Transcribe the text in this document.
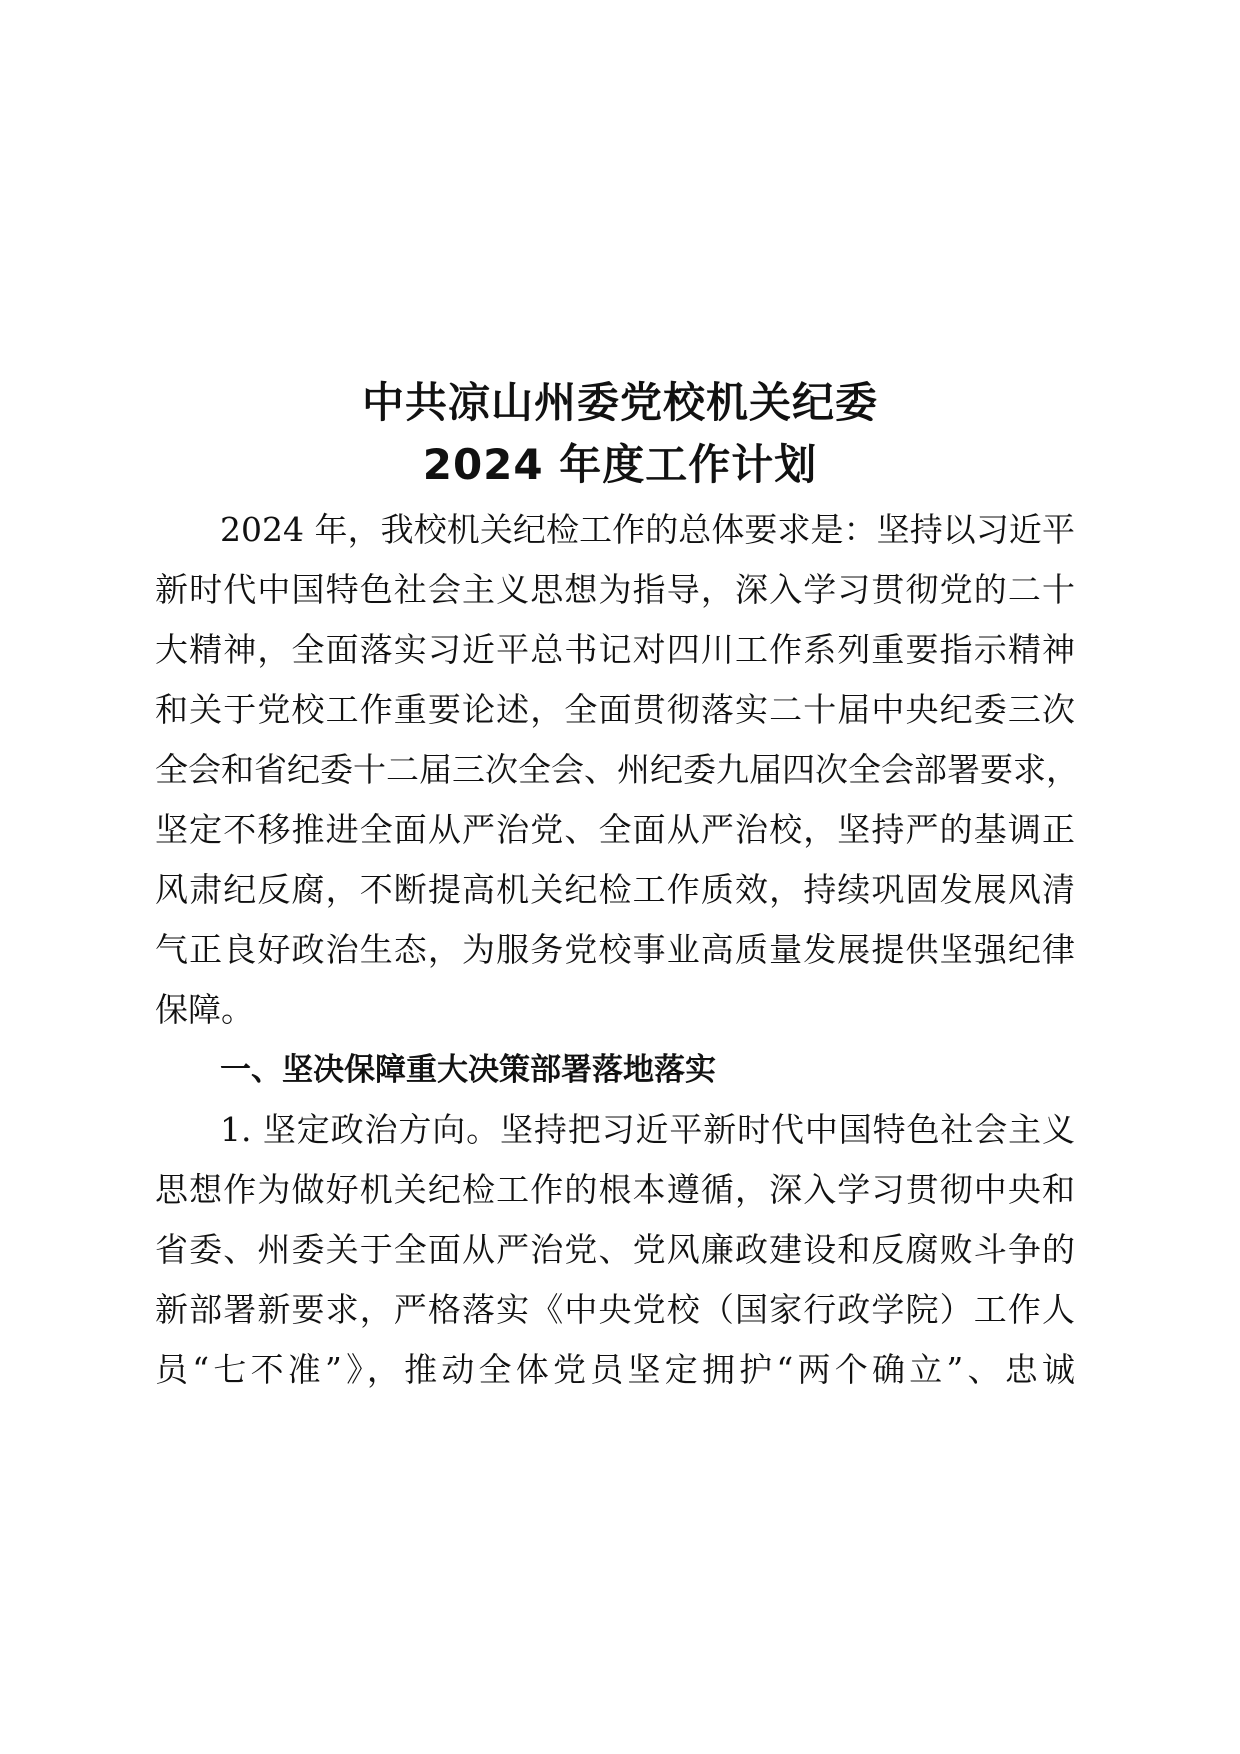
中共凉山州委党校机关纪委
2024 年度工作计划
2024 年，我校机关纪检工作的总体要求是：坚持以习近平
新时代中国特色社会主义思想为指导，深入学习贯彻党的二十
大精神，全面落实习近平总书记对四川工作系列重要指示精神
和关于党校工作重要论述，全面贯彻落实二十届中央纪委三次
全会和省纪委十二届三次全会、州纪委九届四次全会部署要求，
坚定不移推进全面从严治党、全面从严治校，坚持严的基调正
风肃纪反腐，不断提高机关纪检工作质效，持续巩固发展风清
气正良好政治生态，为服务党校事业高质量发展提供坚强纪律
保障。
一、坚决保障重大决策部署落地落实
1. 坚定政治方向。坚持把习近平新时代中国特色社会主义
思想作为做好机关纪检工作的根本遵循，深入学习贯彻中央和
省委、州委关于全面从严治党、党风廉政建设和反腐败斗争的
新部署新要求，严格落实《中央党校（国家行政学院）工作人
员“七不准”》，推动全体党员坚定拥护“两个确立”、忠诚
